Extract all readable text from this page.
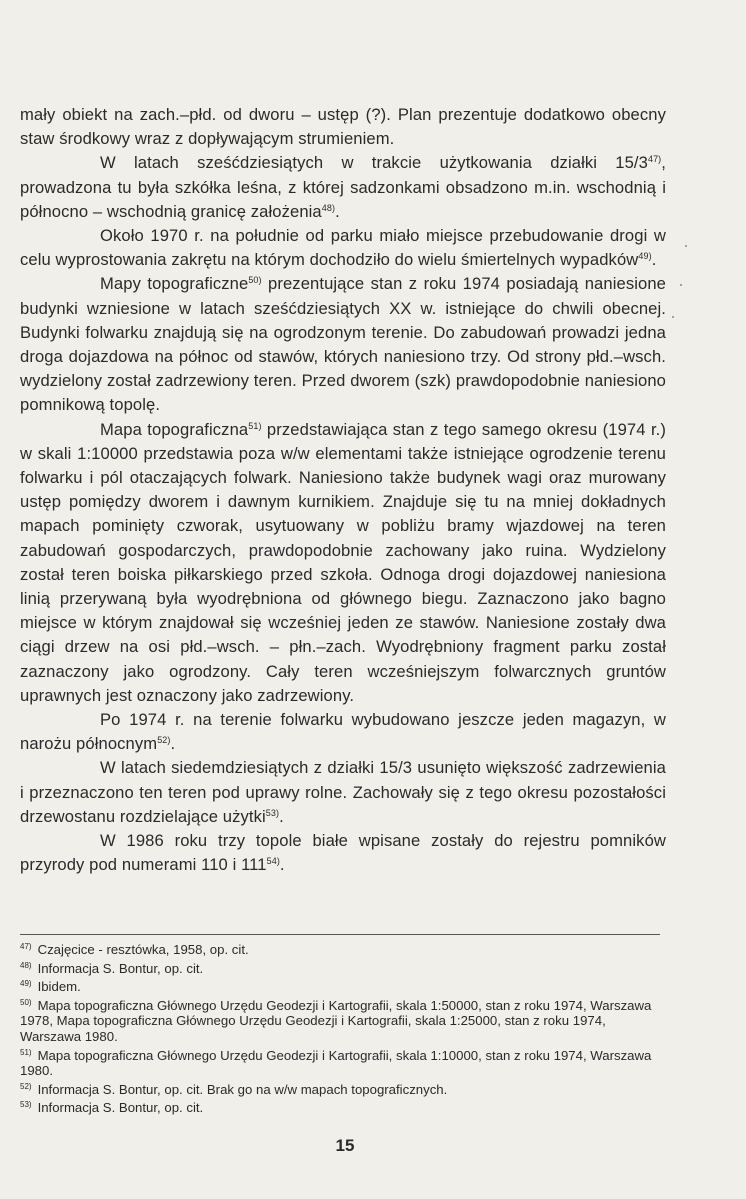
mały obiekt na zach.–płd. od dworu – ustęp (?). Plan prezentuje dodatkowo obecny staw środkowy wraz z dopływającym strumieniem.

W latach sześćdziesiątych w trakcie użytkowania działki 15/3$^{47)}$, prowadzona tu była szkółka leśna, z której sadzonkami obsadzono m.in. wschodnią i północno – wschodnią granicę założenia$^{48)}$.

Około 1970 r. na południe od parku miało miejsce przebudowanie drogi w celu wyprostowania zakrętu na którym dochodziło do wielu śmiertelnych wypadków$^{49)}$.

Mapy topograficzne$^{50)}$ prezentujące stan z roku 1974 posiadają naniesione budynki wzniesione w latach sześćdziesiątych XX w. istniejące do chwili obecnej. Budynki folwarku znajdują się na ogrodzonym terenie. Do zabudowań prowadzi jedna droga dojazdowa na północ od stawów, których naniesiono trzy. Od strony płd.–wsch. wydzielony został zadrzewiony teren. Przed dworem (szk) prawdopodobnie naniesiono pomnikową topolę.

Mapa topograficzna$^{51)}$ przedstawiająca stan z tego samego okresu (1974 r.) w skali 1:10000 przedstawia poza w/w elementami także istniejące ogrodzenie terenu folwarku i pól otaczających folwark. Naniesiono także budynek wagi oraz murowany ustęp pomiędzy dworem i dawnym kurnikiem. Znajduje się tu na mniej dokładnych mapach pominięty czworak, usytuowany w pobliżu bramy wjazdowej na teren zabudowań gospodarczych, prawdopodobnie zachowany jako ruina. Wydzielony został teren boiska piłkarskiego przed szkoła. Odnoga drogi dojazdowej naniesiona linią przerywaną była wyodrębniona od głównego biegu. Zaznaczono jako bagno miejsce w którym znajdował się wcześniej jeden ze stawów. Naniesione zostały dwa ciągi drzew na osi płd.–wsch. – płn.–zach. Wyodrębniony fragment parku został zaznaczony jako ogrodzony. Cały teren wcześniejszym folwarcznych gruntów uprawnych jest oznaczony jako zadrzewiony.

Po 1974 r. na terenie folwarku wybudowano jeszcze jeden magazyn, w narożu północnym$^{52)}$.

W latach siedemdziesiątych z działki 15/3 usunięto większość zadrzewienia i przeznaczono ten teren pod uprawy rolne. Zachowały się z tego okresu pozostałości drzewostanu rozdzielające użytki$^{53)}$.

W 1986 roku trzy topole białe wpisane zostały do rejestru pomników przyrody pod numerami 110 i 111$^{54)}$.

$^{47)}$ Czajęcice - resztówka, 1958, op. cit.

$^{48)}$ Informacja S. Bontur, op. cit.

$^{49)}$ Ibidem.

$^{50)}$ Mapa topograficzna Głównego Urzędu Geodezji i Kartografii, skala 1:50000, stan z roku 1974, Warszawa 1978, Mapa topograficzna Głównego Urzędu Geodezji i Kartografii, skala 1:25000, stan z roku 1974, Warszawa 1980.

$^{51)}$ Mapa topograficzna Głównego Urzędu Geodezji i Kartografii, skala 1:10000, stan z roku 1974, Warszawa 1980.

$^{52)}$ Informacja S. Bontur, op. cit. Brak go na w/w mapach topograficznych.

$^{53)}$ Informacja S. Bontur, op. cit.

15
